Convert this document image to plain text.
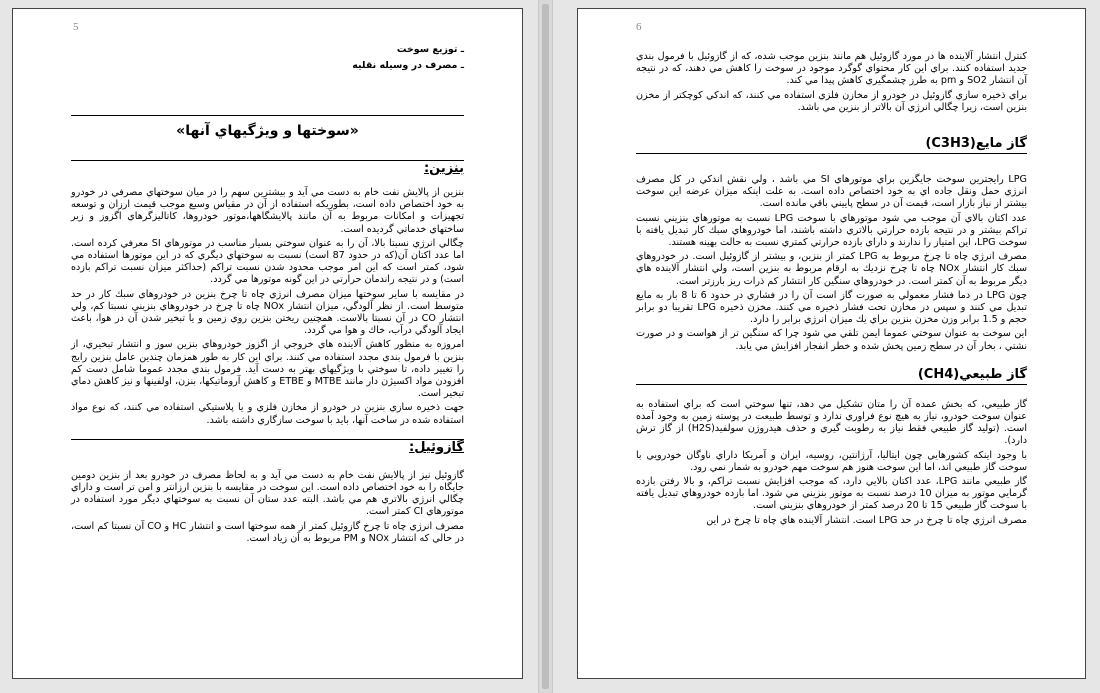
5

ـ توزيع سوخت

ـ مصرف در وسيله نقليه

«سوختها و ويژگيهاي آنها»

بنزين:

بنزين از پالايش نفت خام به دست مي آيد و بيشترين سهم را در ميان سوختهاي مصرفي در خودرو به خود اختصاص داده است، بطوريكه استفاده از آن در مقياس وسيع موجب قيمت ارزان و توسعه تجهيزات و امكانات مربوط به آن مانند پالايشگاهها،موتور خودروها، كاتاليزگرهاي اگزوز و زير ساختهاي خدماتي گرديده است.

چگالي انرژي نسبتا بالا، آن را به عنوان سوختي بسيار مناسب در موتورهاي SI معرفي كرده است. اما عدد اكتان آن(كه در حدود 87 است) نسبت به سوختهاي ديگري كه در اين موتورها استفاده مي شود، كمتر است كه اين امر موجب محدود شدن نسبت تراكم (حداكثر ميزان نسبت تراكم بازده است) و در نتيجه راندمان حرارتي در اين گونه موتورها مي گردد.

در مقايسه با ساير سوختها ميزان مصرف انرژي چاه تا چرخ بنزين در خودروهاي سبك كار در حد متوسط است. از نظر آلودگي، ميزان انتشار NOx چاه تا چرخ در خودروهاي بنزيني نسبتا كم، ولي انتشار CO در آن نسبتا بالاست. همچنين ريختن بنزين روي زمين و يا تبخير شدن آن در هوا، باعث ايجاد آلودگي درآب، خاك و هوا مي گردد.

امروزه به منظور كاهش آلاينده هاي خروجي از اگزوز خودروهاي بنزين سوز و انتشار تبخيري، از بنزين با فرمول بندي مجدد استفاده مي كنند. براي اين كار به طور همزمان چندين عامل بنزين رايج را تغيير داده، تا سوختي با ويژگيهاي بهتر به دست آيد. فرمول بندي مجدد عموما شامل دست كم افزودن مواد اكسيژن دار مانند MTBE و ETBE و كاهش آروماتيكها، بنزن، اولفينها و نيز كاهش دماي تبخير است.

جهت ذخيره سازي بنزين در خودرو از مخازن فلزي و يا پلاستيكي استفاده مي كنند، كه نوع مواد استفاده شده در ساخت آنها، بايد با سوخت سازگاري داشته باشد.

گازوئيل:

گازوئيل نيز از پالايش نفت خام به دست مي آيد و به لحاظ مصرف در خودرو بعد از بنزين دومين جايگاه را به خود اختصاص داده است. اين سوخت در مقايسه با بنزين ارزانتر و امن تر است و داراي چگالي انرژي بالاتري هم مي باشد. البته عدد ستان آن نسبت به سوختهاي ديگر مورد استفاده در موتورهاي CI كمتر است.

مصرف انرژي چاه تا چرخ گازوئيل كمتر از همه سوختها است و انتشار HC و CO آن نسبتا كم است، در حالي كه انتشار NOx و PM مربوط به آن زياد است.

6

كنترل انتشار آلاينده ها در مورد گازوئيل هم مانند بنزين موجب شده، كه از گازوئيل با فرمول بندي جديد استفاده كنند. براي اين كار محتواي گوگرد موجود در سوخت را كاهش مي دهند، كه در نتيجه آن انتشار SO2 و pm به طرز چشمگيري كاهش پيدا مي كند.

براي ذخيره سازي گازوئيل در خودرو از مخازن فلزي استفاده مي كنند، كه اندكي كوچكتر از مخزن بنزين است، زيرا چگالي انرژي آن بالاتر از بنزين مي باشد.

گاز مايع(C3H3)

LPG رايجترين سوخت جايگزين براي موتورهاي SI مي باشد ، ولي نقش اندكي در كل مصرف انرژي حمل ونقل جاده اي به خود اختصاص داده است. به علت اينكه ميزان عرضه اين سوخت بيشتر از نياز بازار است، قيمت آن در سطح پاييني باقي مانده است.

عدد اكتان بالاي آن موجب مي شود موتورهاي با سوخت LPG نسبت به موتورهاي بنزيني نسبت تراكم بيشتر و در نتيجه بازده حرارتي بالاتري داشته باشند، اما خودروهاي سبك كار تبديل يافته با سوخت LPG، اين امتياز را ندارند و داراي بازده حرارتي كمتري نسبت به حالت بهينه هستند.

مصرف انرژي چاه تا چرخ مربوط به LPG كمتر از بنزين، و بيشتر از گازوئيل است. در خودروهاي سبك كار انتشار NOx چاه تا چرخ نزديك به ارقام مربوط به بنزين است، ولي انتشار آلاينده هاي ديگر مربوط به آن كمتر است. در خودروهاي سنگين كار انتشار كم ذرات ريز بارزتر است.

چون LPG در دما فشار معمولي به صورت گاز است آن را در فشاري در حدود 6 تا 8 بار به مايع تبديل مي كنند و سپس در مخازن تحت فشار ذخيره مي كنند. مخزن ذخيره LPG تقريبا دو برابر حجم و 1.5 برابر وزن مخزن بنزين براي يك ميزان انرژي برابر را دارد.

اين سوخت به عنوان سوختي عموما ايمن تلقي مي شود چرا كه سنگين تر از هواست و در صورت نشتي ، بخار آن در سطح زمين پخش شده و خطر انفجار افزايش مي يابد.

گاز طبيعي(CH4)

گاز طبيعي، كه بخش عمده آن را متان تشكيل مي دهد، تنها سوختي است كه براي استفاده به عنوان سوخت خودرو، نياز به هيچ نوع فراوري ندارد و توسط طبيعت در پوسته زمين به وجود آمده است. (توليد گاز طبيعي فقط نياز به رطوبت گيري و حذف هيدروژن سولفيد(H2S) از گاز ترش دارد).

با وجود اينكه كشورهايي چون ايتاليا، آرژانتين، روسيه، ايران و آمريكا داراي ناوگان خودرويي با سوخت گاز طبيعي اند، اما اين سوخت هنوز هم سوخت مهم خودرو به شمار نمي رود.

گاز طبيعي مانند LPG، عدد اكتان بالايي دارد، كه موجب افزايش نسبت تراكم، و بالا رفتن بازده گرمايي موتور به ميزان 10 درصد نسبت به موتور بنزيني مي شود. اما بازده خودروهاي تبديل يافته با سوخت گاز طبيعي 15 تا 20 درصد كمتر از خودروهاي بنزيني است.

مصرف انرژي چاه تا چرخ در حد LPG است. انتشار آلاينده هاي چاه تا چرخ در اين
